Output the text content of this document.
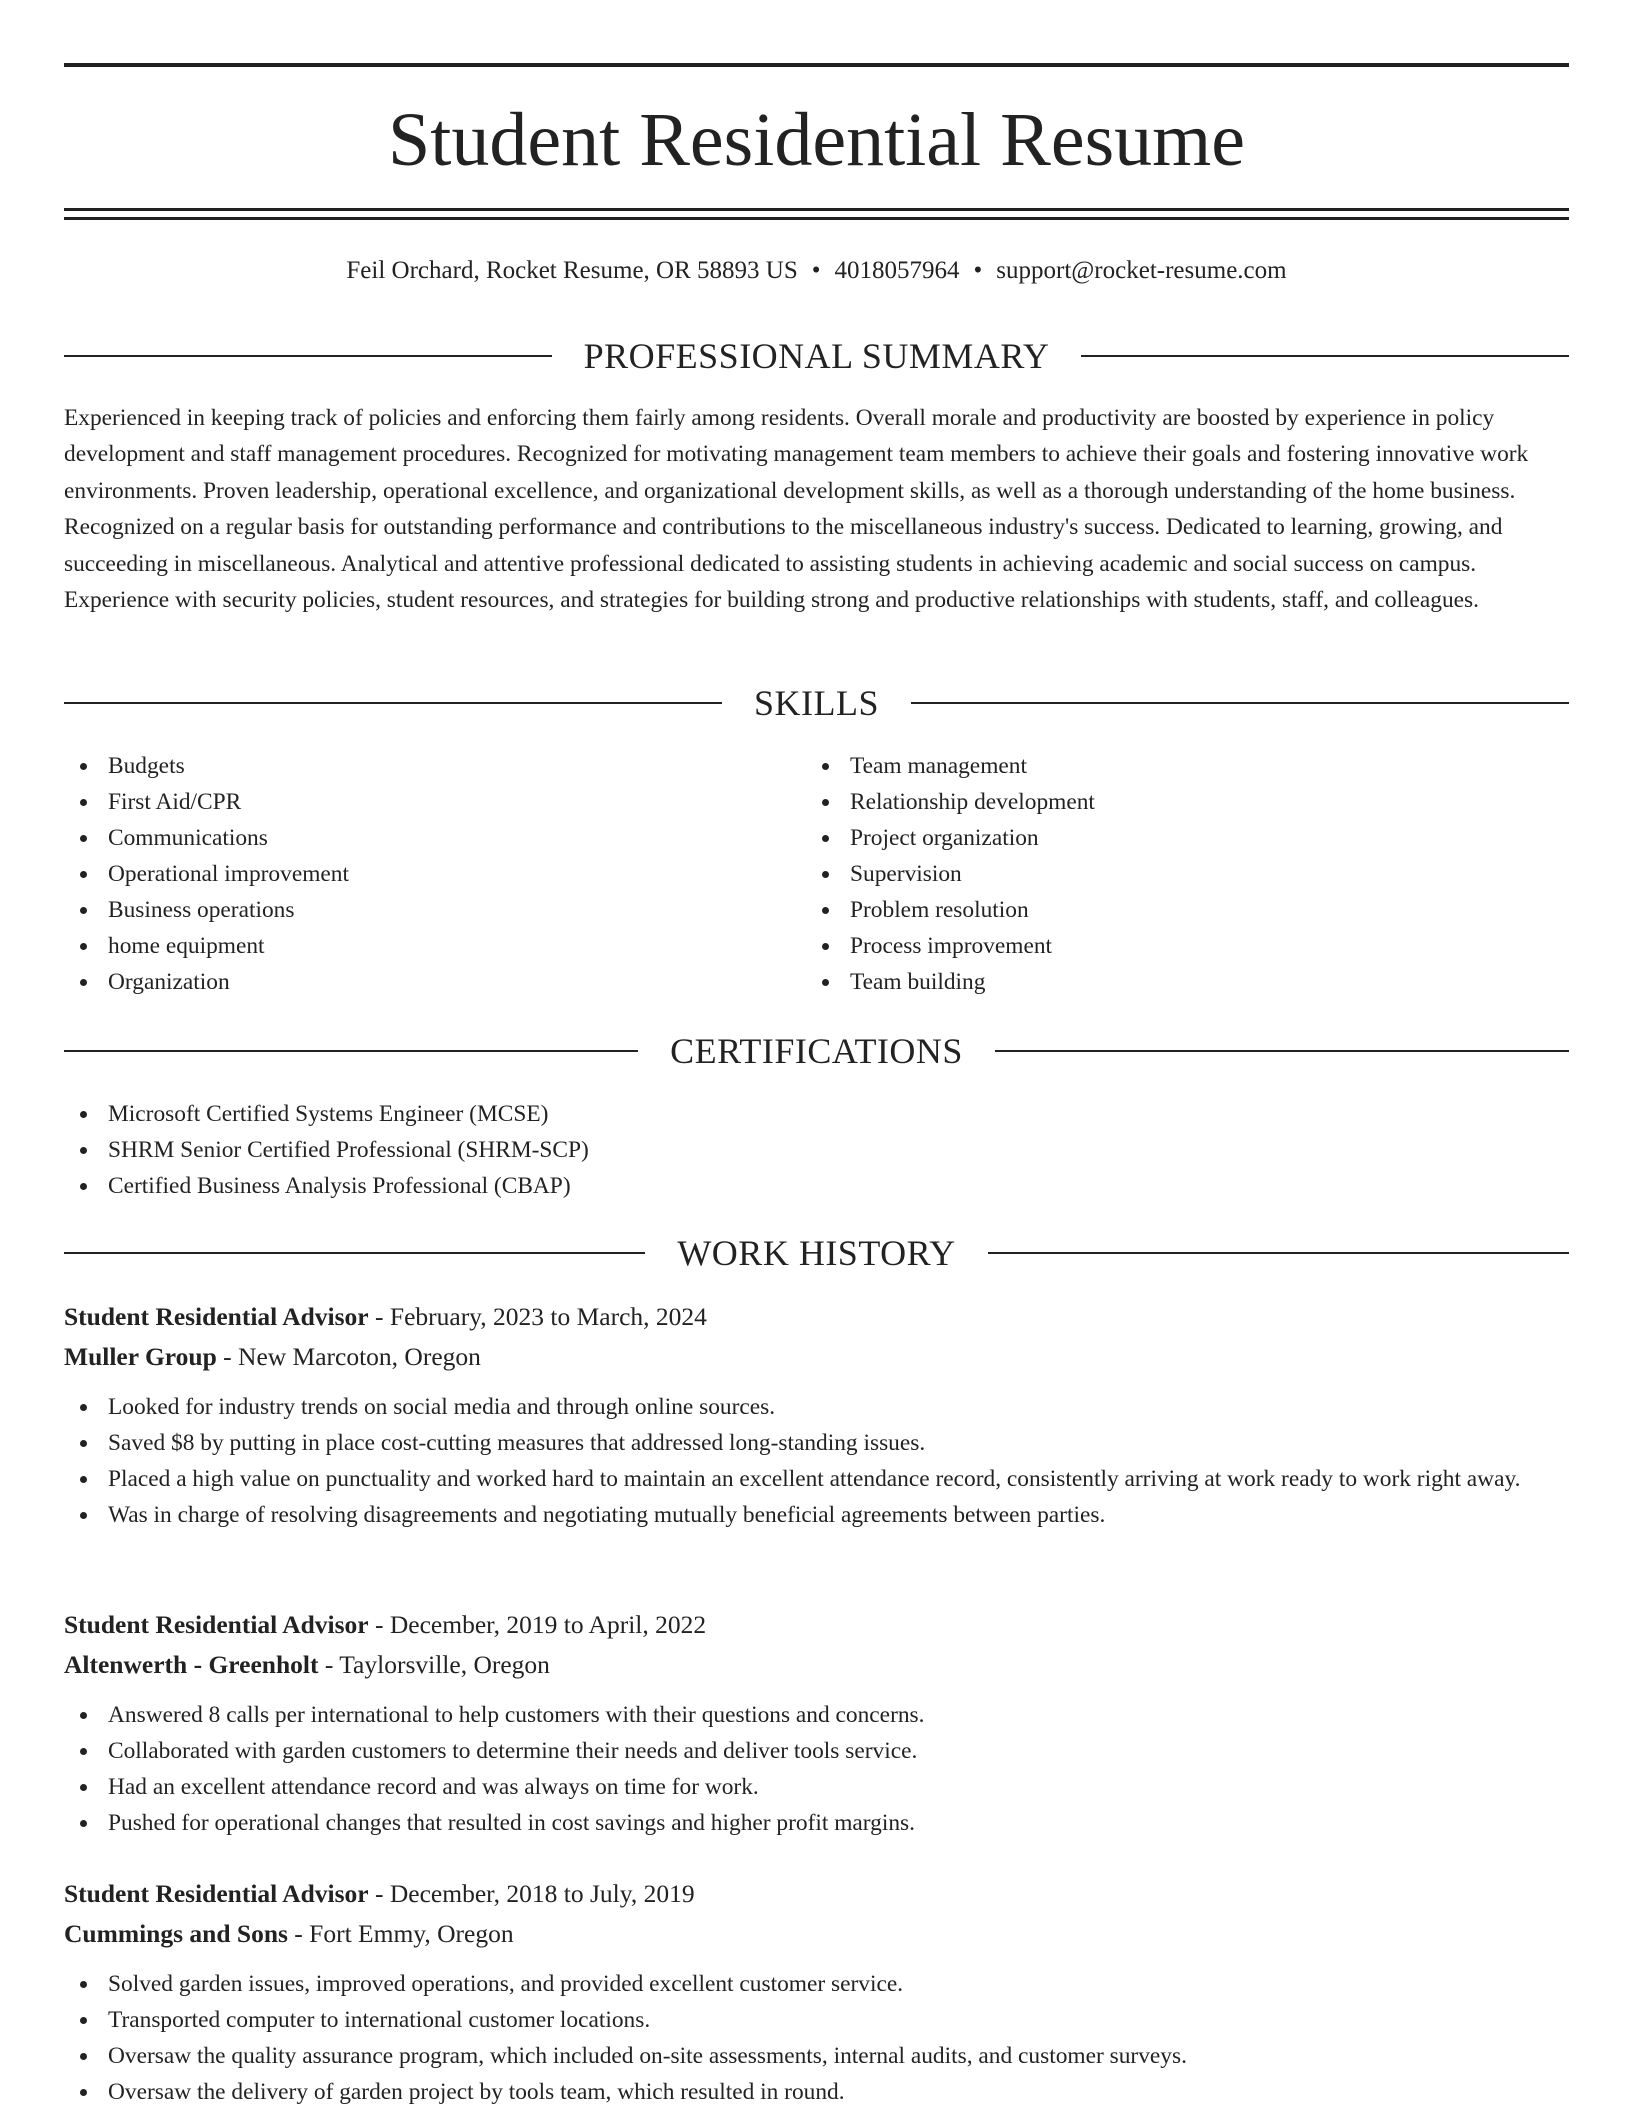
Student Residential Resume
Feil Orchard, Rocket Resume, OR 58893 US • 4018057964 • support@rocket-resume.com
PROFESSIONAL SUMMARY

Experienced in keeping track of policies and enforcing them fairly among residents. Overall morale and productivity are boosted by experience in policy development and staff management procedures. Recognized for motivating management team members to achieve their goals and fostering innovative work environments. Proven leadership, operational excellence, and organizational development skills, as well as a thorough understanding of the home business. Recognized on a regular basis for outstanding performance and contributions to the miscellaneous industry's success. Dedicated to learning, growing, and succeeding in miscellaneous. Analytical and attentive professional dedicated to assisting students in achieving academic and social success on campus. Experience with security policies, student resources, and strategies for building strong and productive relationships with students, staff, and colleagues.

SKILLS
Budgets
First Aid/CPR
Communications
Operational improvement
Business operations
home equipment
Organization
Team management
Relationship development
Project organization
Supervision
Problem resolution
Process improvement
Team building
CERTIFICATIONS
Microsoft Certified Systems Engineer (MCSE)
SHRM Senior Certified Professional (SHRM-SCP)
Certified Business Analysis Professional (CBAP)
WORK HISTORY
Student Residential Advisor - February, 2023 to March, 2024
Muller Group - New Marcoton, Oregon
Looked for industry trends on social media and through online sources.
Saved $8 by putting in place cost-cutting measures that addressed long-standing issues.
Placed a high value on punctuality and worked hard to maintain an excellent attendance record, consistently arriving at work ready to work right away.
Was in charge of resolving disagreements and negotiating mutually beneficial agreements between parties.
Student Residential Advisor - December, 2019 to April, 2022
Altenwerth - Greenholt - Taylorsville, Oregon
Answered 8 calls per international to help customers with their questions and concerns.
Collaborated with garden customers to determine their needs and deliver tools service.
Had an excellent attendance record and was always on time for work.
Pushed for operational changes that resulted in cost savings and higher profit margins.
Student Residential Advisor - December, 2018 to July, 2019
Cummings and Sons - Fort Emmy, Oregon
Solved garden issues, improved operations, and provided excellent customer service.
Transported computer to international customer locations.
Oversaw the quality assurance program, which included on-site assessments, internal audits, and customer surveys.
Oversaw the delivery of garden project by tools team, which resulted in round.
